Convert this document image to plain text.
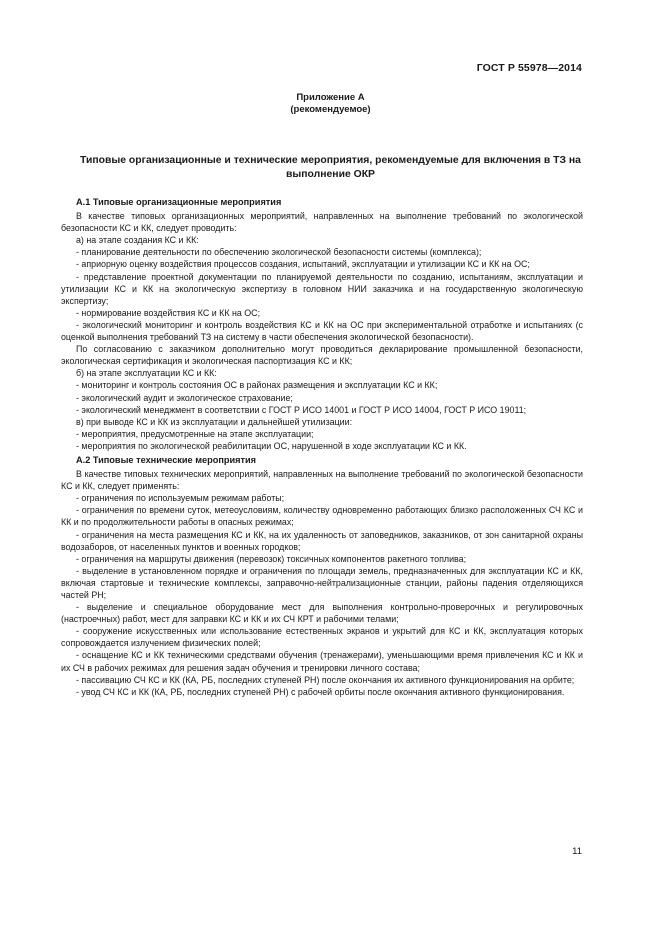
ГОСТ Р 55978—2014
Приложение А
(рекомендуемое)
Типовые организационные и технические мероприятия, рекомендуемые для включения в ТЗ на выполнение ОКР

А.1 Типовые организационные мероприятия

В качестве типовых организационных мероприятий, направленных на выполнение требований по экологической безопасности КС и КК, следует проводить:

а) на этапе создания КС и КК:

- планирование деятельности по обеспечению экологической безопасности системы (комплекса);

- априорную оценку воздействия процессов создания, испытаний, эксплуатации и утилизации КС и КК на ОС;

- представление проектной документации по планируемой деятельности по созданию, испытаниям, эксплуатации и утилизации КС и КК на экологическую экспертизу в головном НИИ заказчика и на государственную экологическую экспертизу;

- нормирование воздействия КС и КК на ОС;

- экологический мониторинг и контроль воздействия КС и КК на ОС при экспериментальной отработке и испытаниях (с оценкой выполнения требований ТЗ на систему в части обеспечения экологической безопасности).

По согласованию с заказчиком дополнительно могут проводиться декларирование промышленной безопасности, экологическая сертификация и экологическая паспортизация КС и КК;

б) на этапе эксплуатации КС и КК:

- мониторинг и контроль состояния ОС в районах размещения и эксплуатации КС и КК;

- экологический аудит и экологическое страхование;

- экологический менеджмент в соответствии с ГОСТ Р ИСО 14001 и ГОСТ Р ИСО 14004, ГОСТ Р ИСО 19011;

в) при выводе КС и КК из эксплуатации и дальнейшей утилизации:

- мероприятия, предусмотренные на этапе эксплуатации;

- мероприятия по экологической реабилитации ОС, нарушенной в ходе эксплуатации КС и КК.

А.2 Типовые технические мероприятия

В качестве типовых технических мероприятий, направленных на выполнение требований по экологической безопасности КС и КК, следует применять:

- ограничения по используемым режимам работы;

- ограничения по времени суток, метеоусловиям, количеству одновременно работающих близко расположенных СЧ КС и КК и по продолжительности работы в опасных режимах;

- ограничения на места размещения КС и КК, на их удаленность от заповедников, заказников, от зон санитарной охраны водозаборов, от населенных пунктов и военных городков;

- ограничения на маршруты движения (перевозок) токсичных компонентов ракетного топлива;

- выделение в установленном порядке и ограничения по площади земель, предназначенных для эксплуатации КС и КК, включая стартовые и технические комплексы, заправочно-нейтрализационные станции, районы падения отделяющихся частей РН;

- выделение и специальное оборудование мест для выполнения контрольно-проверочных и регулировочных (настроечных) работ, мест для заправки КС и КК и их СЧ КРТ и рабочими телами;

- сооружение искусственных или использование естественных экранов и укрытий для КС и КК, эксплуатация которых сопровождается излучением физических полей;

- оснащение КС и КК техническими средствами обучения (тренажерами), уменьшающими время привлечения КС и КК и их СЧ в рабочих режимах для решения задач обучения и тренировки личного состава;

- пассивацию СЧ КС и КК (КА, РБ, последних ступеней РН) после окончания их активного функционирования на орбите;

- увод СЧ КС и КК (КА, РБ, последних ступеней РН) с рабочей орбиты после окончания активного функционирования.

11
